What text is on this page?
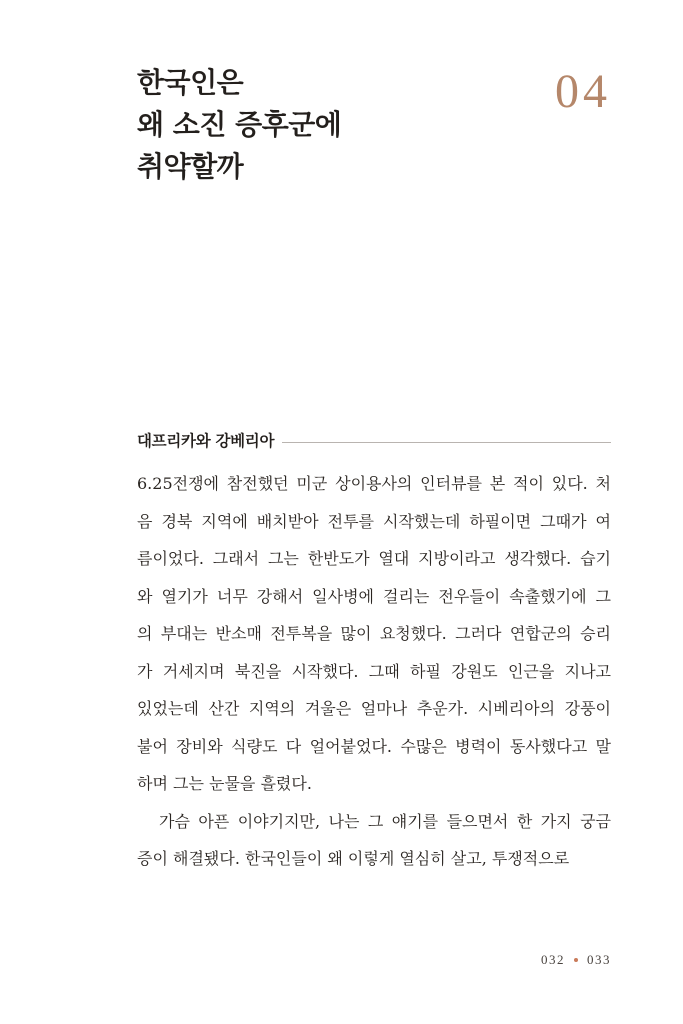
한국인은
왜 소진 증후군에
취약할까
04
대프리카와 강베리아
6.25전쟁에 참전했던 미군 상이용사의 인터뷰를 본 적이 있다. 처
음 경북 지역에 배치받아 전투를 시작했는데 하필이면 그때가 여
름이었다. 그래서 그는 한반도가 열대 지방이라고 생각했다. 습기
와 열기가 너무 강해서 일사병에 걸리는 전우들이 속출했기에 그
의 부대는 반소매 전투복을 많이 요청했다. 그러다 연합군의 승리
가 거세지며 북진을 시작했다. 그때 하필 강원도 인근을 지나고
있었는데 산간 지역의 겨울은 얼마나 추운가. 시베리아의 강풍이
불어 장비와 식량도 다 얼어붙었다. 수많은 병력이 동사했다고 말
하며 그는 눈물을 흘렸다.
가슴 아픈 이야기지만, 나는 그 얘기를 들으면서 한 가지 궁금
증이 해결됐다. 한국인들이 왜 이렇게 열심히 살고, 투쟁적으로
032 033
